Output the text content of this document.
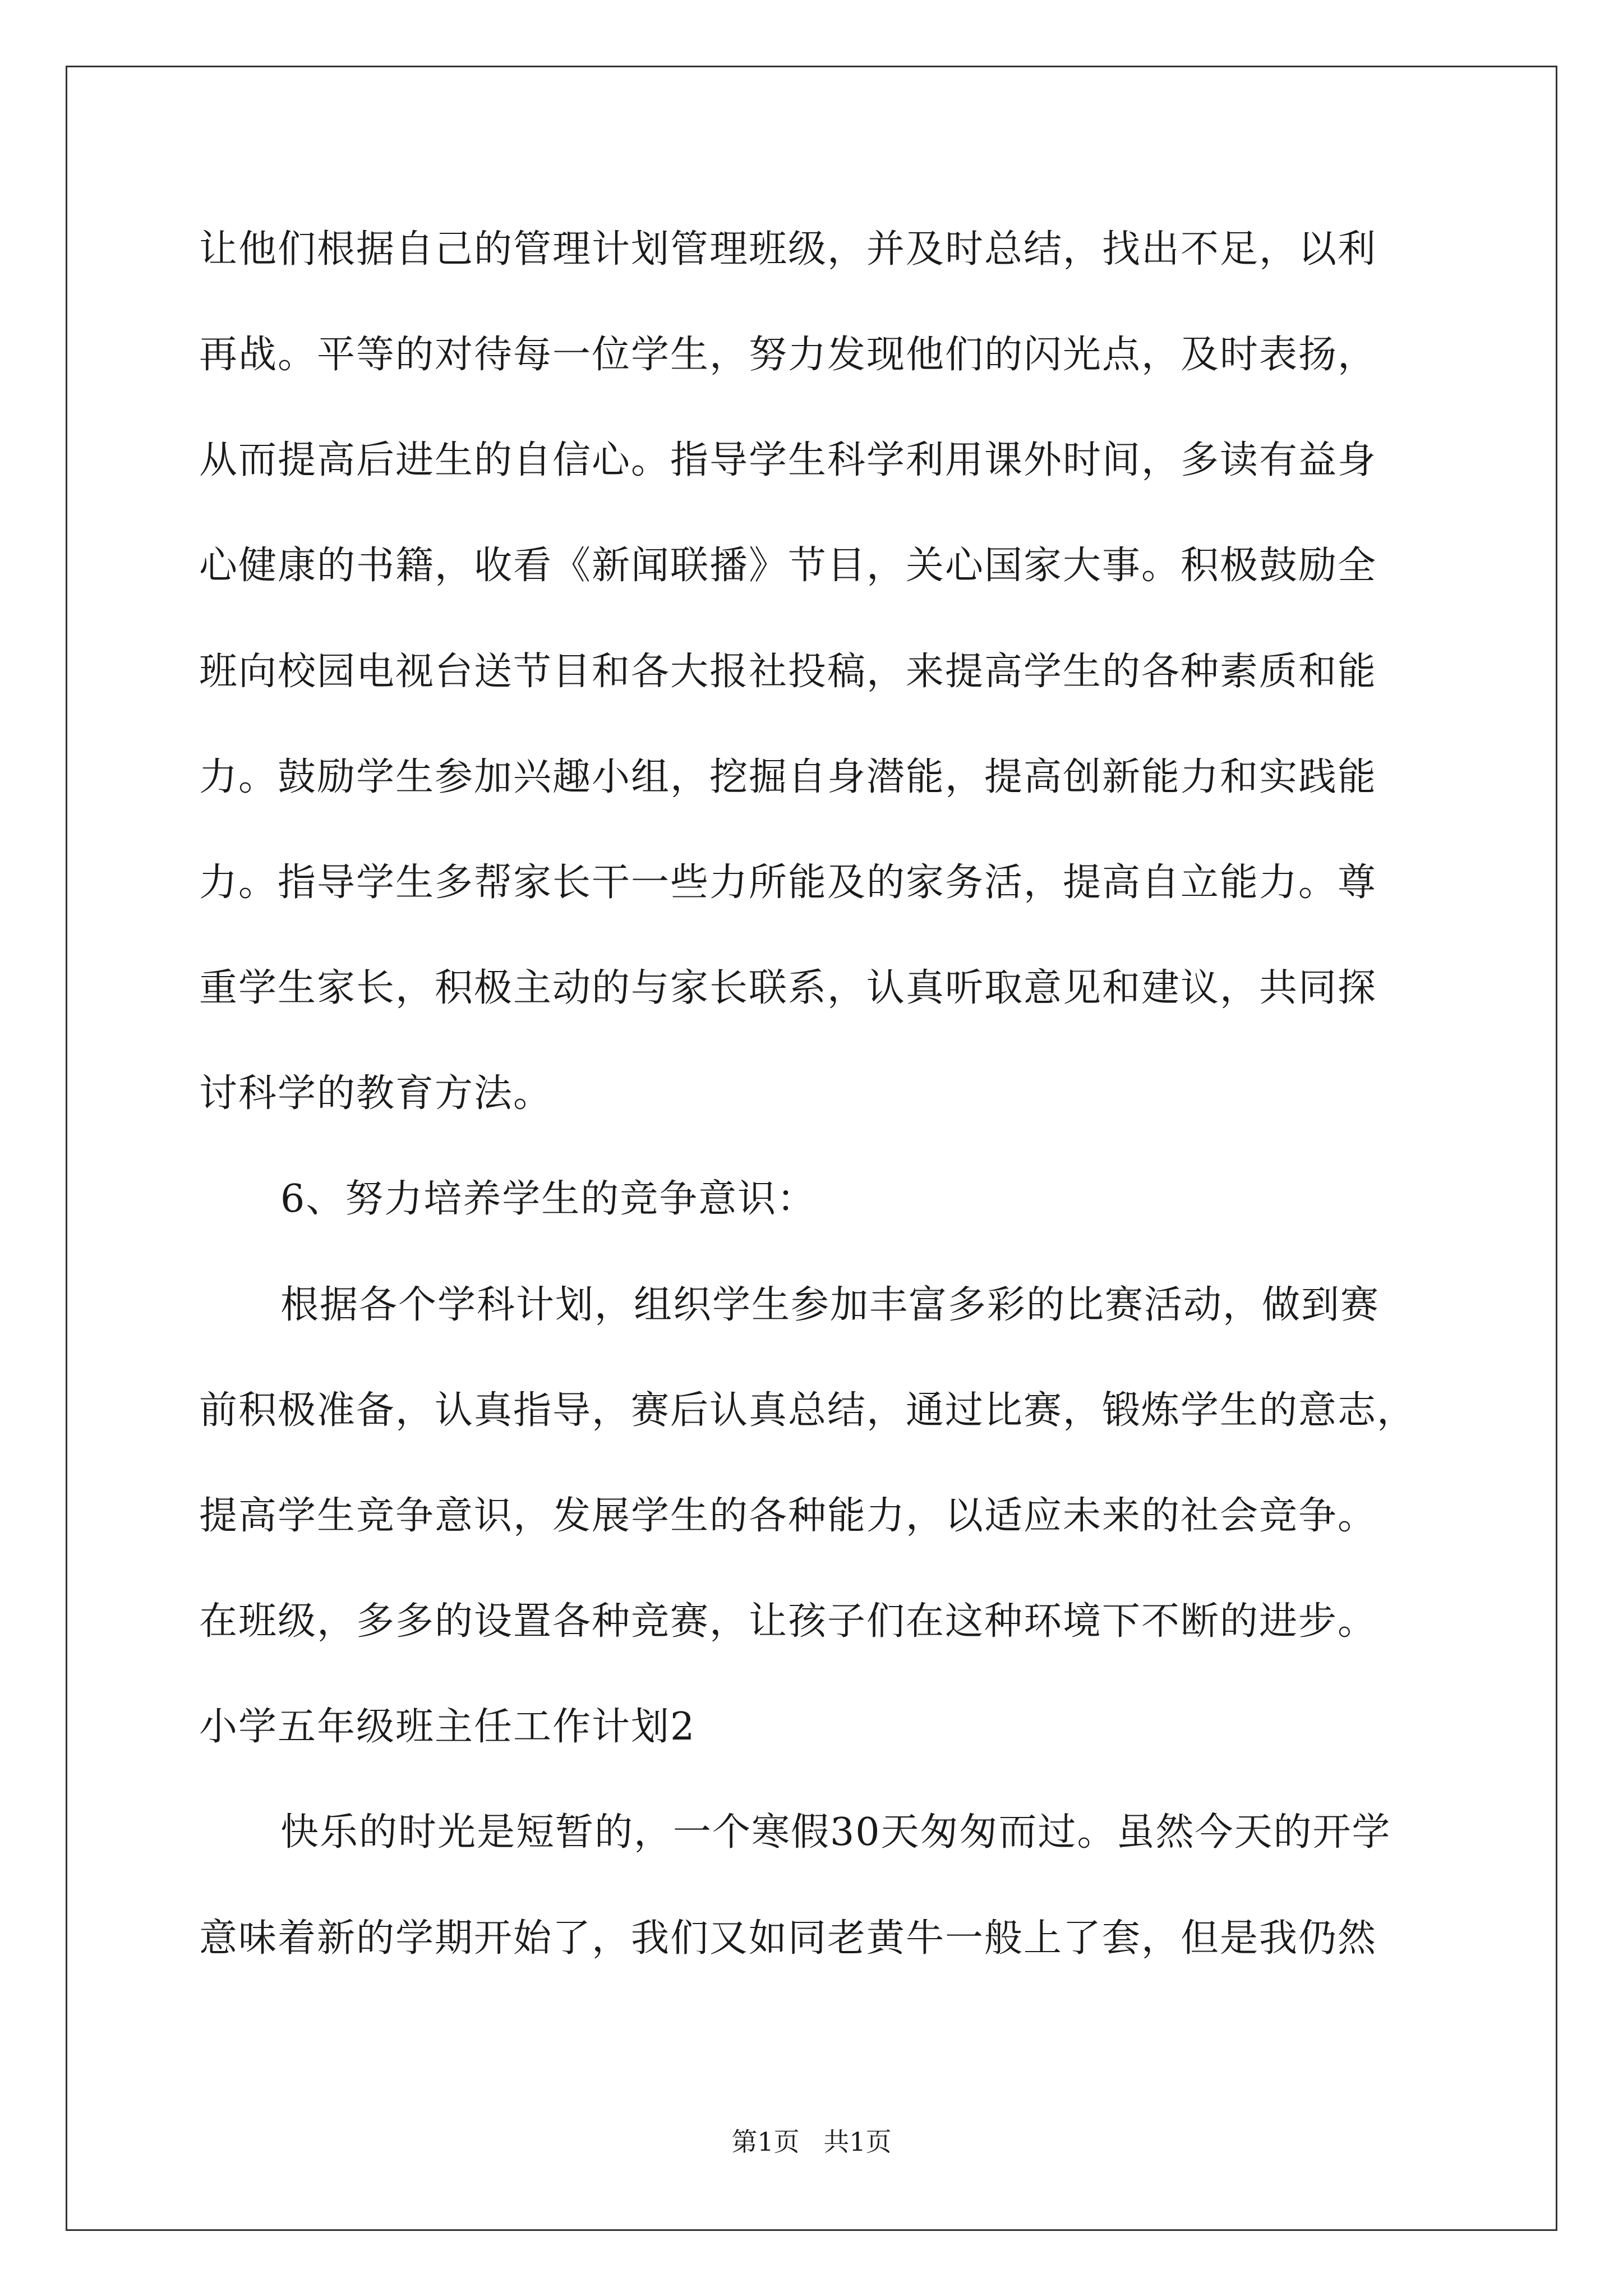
让他们根据自己的管理计划管理班级，并及时总结，找出不足，以利
再战。平等的对待每一位学生，努力发现他们的闪光点，及时表扬，
从而提高后进生的自信心。指导学生科学利用课外时间，多读有益身
心健康的书籍，收看《新闻联播》节目，关心国家大事。积极鼓励全
班向校园电视台送节目和各大报社投稿，来提高学生的各种素质和能
力。鼓励学生参加兴趣小组，挖掘自身潜能，提高创新能力和实践能
力。指导学生多帮家长干一些力所能及的家务活，提高自立能力。尊
重学生家长，积极主动的与家长联系，认真听取意见和建议，共同探
讨科学的教育方法。
6、努力培养学生的竞争意识：
根据各个学科计划，组织学生参加丰富多彩的比赛活动，做到赛
前积极准备，认真指导，赛后认真总结，通过比赛，锻炼学生的意志，
提高学生竞争意识，发展学生的各种能力，以适应未来的社会竞争。
在班级，多多的设置各种竞赛，让孩子们在这种环境下不断的进步。
小学五年级班主任工作计划2
快乐的时光是短暂的，一个寒假30天匆匆而过。虽然今天的开学
意味着新的学期开始了，我们又如同老黄牛一般上了套，但是我仍然
第1页 共1页
